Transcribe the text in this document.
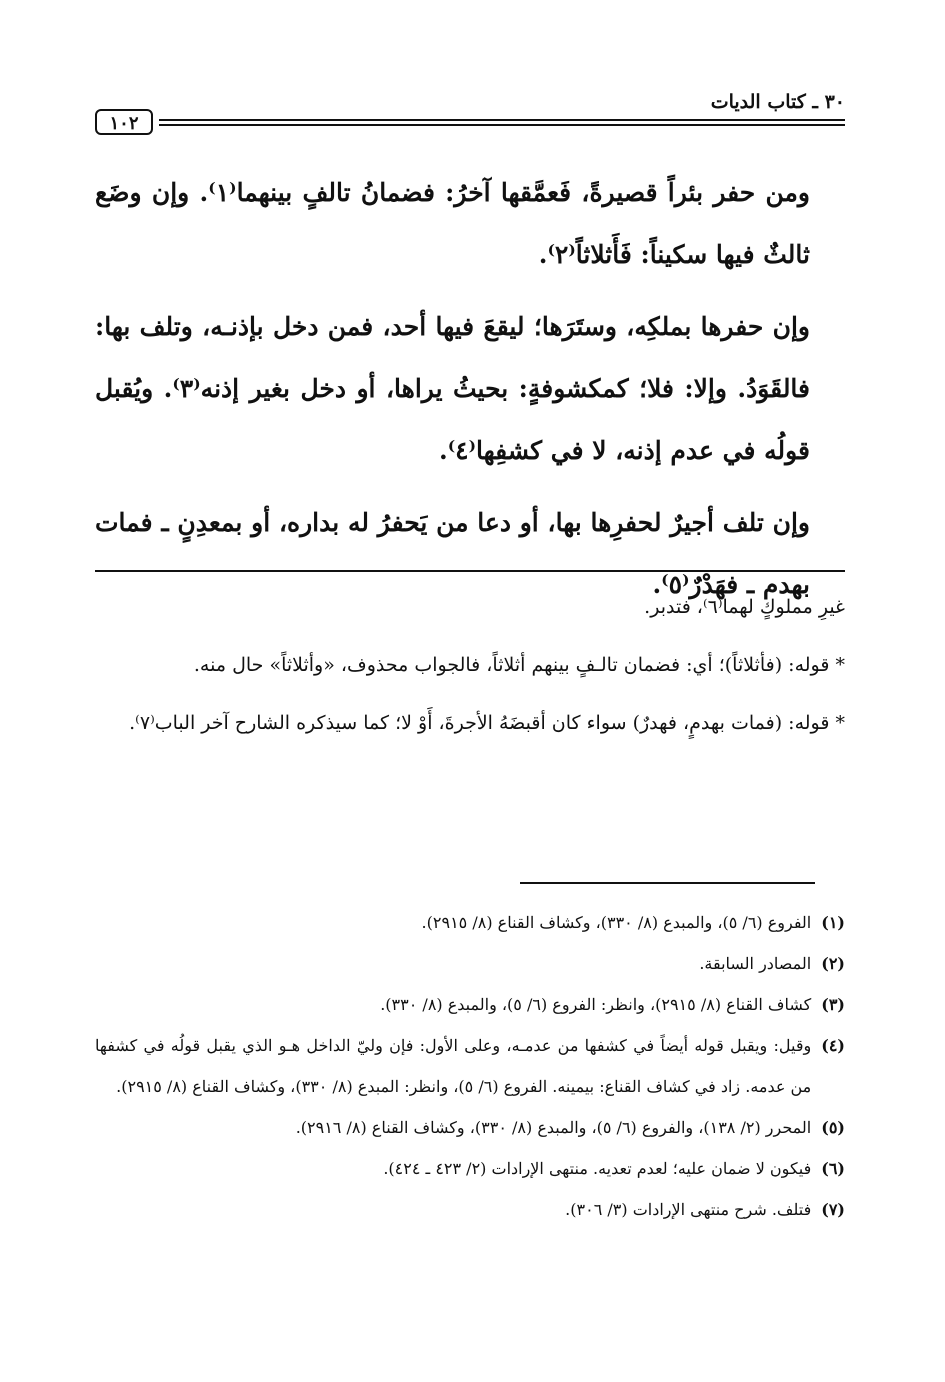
٣٠ ـ كتاب الديات
١٠٢

ومن حفر بئراً قصيرةً، فَعمَّقها آخرُ: فضمانُ تالفٍ بينهما⁽١⁾. وإن وضَع ثالثٌ فيها سكيناً: فَأَثلاثاً⁽٢⁾.

وإن حفرها بملكِه، وستَرَها؛ ليقعَ فيها أحد، فمن دخل بإذنـه، وتلف بها: فالقَوَدُ. وإلا: فلا؛ كمكشوفةٍ: بحيثُ يراها، أو دخل بغير إذنه⁽٣⁾. ويُقبل قولُه في عدم إذنه، لا في كشفِها⁽٤⁾.

وإن تلف أجيرٌ لحفرِها بها، أو دعا من يَحفرُ له بداره، أو بمعدِنٍ ـ فمات بهدم ـ فهَدْرٌ⁽٥⁾.

غيرِ مملوكٍ لهما⁽٦⁾، فتدبر.

* قوله: (فأثلاثاً)؛ أي: فضمان تالـفٍ بينهم أثلاثاً، فالجواب محذوف، «وأثلاثاً» حال منه.

* قوله: (فمات بهدمٍ، فهدرٌ) سواء كان أقبضَهُ الأجرةَ، أَوْ لا؛ كما سيذكره الشارح آخر الباب⁽٧⁾.

(١)
الفروع (٦/ ٥)، والمبدع (٨/ ٣٣٠)، وكشاف القناع (٨/ ٢٩١٥).
(٢)
المصادر السابقة.
(٣)
كشاف القناع (٨/ ٢٩١٥)، وانظر: الفروع (٦/ ٥)، والمبدع (٨/ ٣٣٠).
(٤)
وقيل: ويقبل قوله أيضاً في كشفها من عدمـه، وعلى الأول: فإن وليّ الداخل هـو الذي يقبل قولُه في كشفها من عدمه. زاد في كشاف القناع: بيمينه. الفروع (٦/ ٥)، وانظر: المبدع (٨/ ٣٣٠)، وكشاف القناع (٨/ ٢٩١٥).
(٥)
المحرر (٢/ ١٣٨)، والفروع (٦/ ٥)، والمبدع (٨/ ٣٣٠)، وكشاف القناع (٨/ ٢٩١٦).
(٦)
فيكون لا ضمان عليه؛ لعدم تعديه. منتهى الإرادات (٢/ ٤٢٣ ـ ٤٢٤).
(٧)
فتلف. شرح منتهى الإرادات (٣/ ٣٠٦).
